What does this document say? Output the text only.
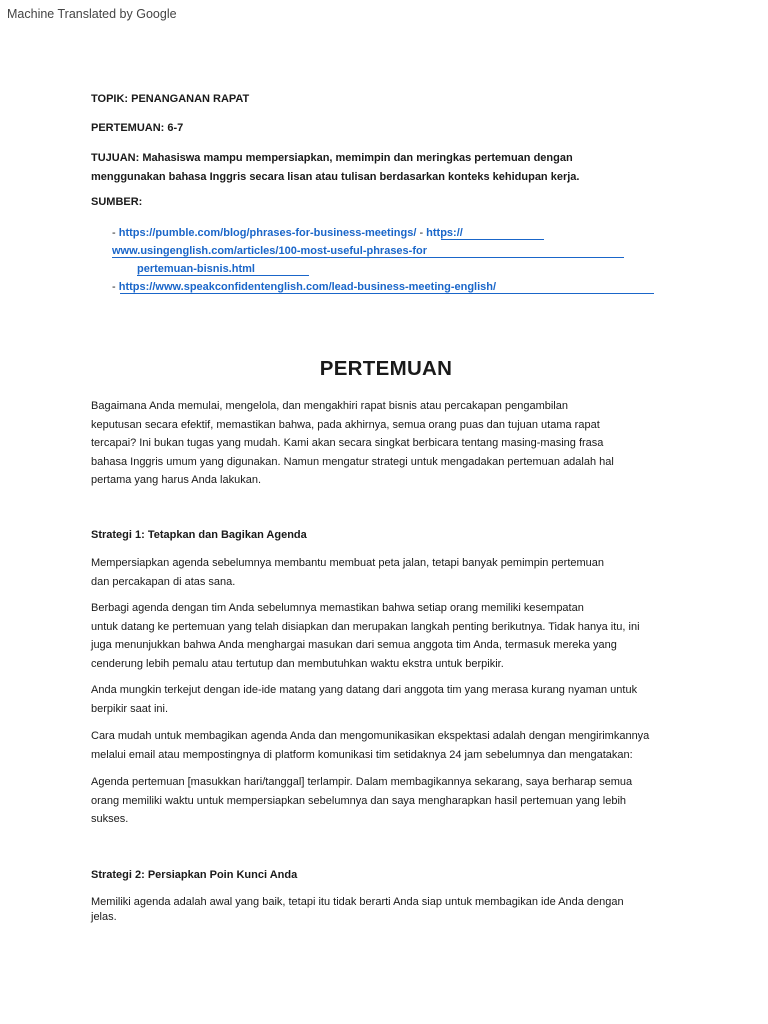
Machine Translated by Google

TOPIK: PENANGANAN RAPAT

PERTEMUAN: 6-7

TUJUAN: Mahasiswa mampu mempersiapkan, memimpin dan meringkas pertemuan dengan

menggunakan bahasa Inggris secara lisan atau tulisan berdasarkan konteks kehidupan kerja.

SUMBER:

- https://pumble.com/blog/phrases-for-business-meetings/ - https://

www.usingenglish.com/articles/100-most-useful-phrases-for

pertemuan-bisnis.html

- https://www.speakconfidentenglish.com/lead-business-meeting-english/

PERTEMUAN

Bagaimana Anda memulai, mengelola, dan mengakhiri rapat bisnis atau percakapan pengambilan

keputusan secara efektif, memastikan bahwa, pada akhirnya, semua orang puas dan tujuan utama rapat

tercapai? Ini bukan tugas yang mudah. Kami akan secara singkat berbicara tentang masing-masing frasa

bahasa Inggris umum yang digunakan. Namun mengatur strategi untuk mengadakan pertemuan adalah hal

pertama yang harus Anda lakukan.

Strategi 1: Tetapkan dan Bagikan Agenda

Mempersiapkan agenda sebelumnya membantu membuat peta jalan, tetapi banyak pemimpin pertemuan

dan percakapan di atas sana.

Berbagi agenda dengan tim Anda sebelumnya memastikan bahwa setiap orang memiliki kesempatan

untuk datang ke pertemuan yang telah disiapkan dan merupakan langkah penting berikutnya. Tidak hanya itu, ini

juga menunjukkan bahwa Anda menghargai masukan dari semua anggota tim Anda, termasuk mereka yang

cenderung lebih pemalu atau tertutup dan membutuhkan waktu ekstra untuk berpikir.

Anda mungkin terkejut dengan ide-ide matang yang datang dari anggota tim yang merasa kurang nyaman untuk

berpikir saat ini.

Cara mudah untuk membagikan agenda Anda dan mengomunikasikan ekspektasi adalah dengan mengirimkannya

melalui email atau mempostingnya di platform komunikasi tim setidaknya 24 jam sebelumnya dan mengatakan:

Agenda pertemuan [masukkan hari/tanggal] terlampir. Dalam membagikannya sekarang, saya berharap semua

orang memiliki waktu untuk mempersiapkan sebelumnya dan saya mengharapkan hasil pertemuan yang lebih

sukses.

Strategi 2: Persiapkan Poin Kunci Anda

Memiliki agenda adalah awal yang baik, tetapi itu tidak berarti Anda siap untuk membagikan ide Anda dengan

jelas.
